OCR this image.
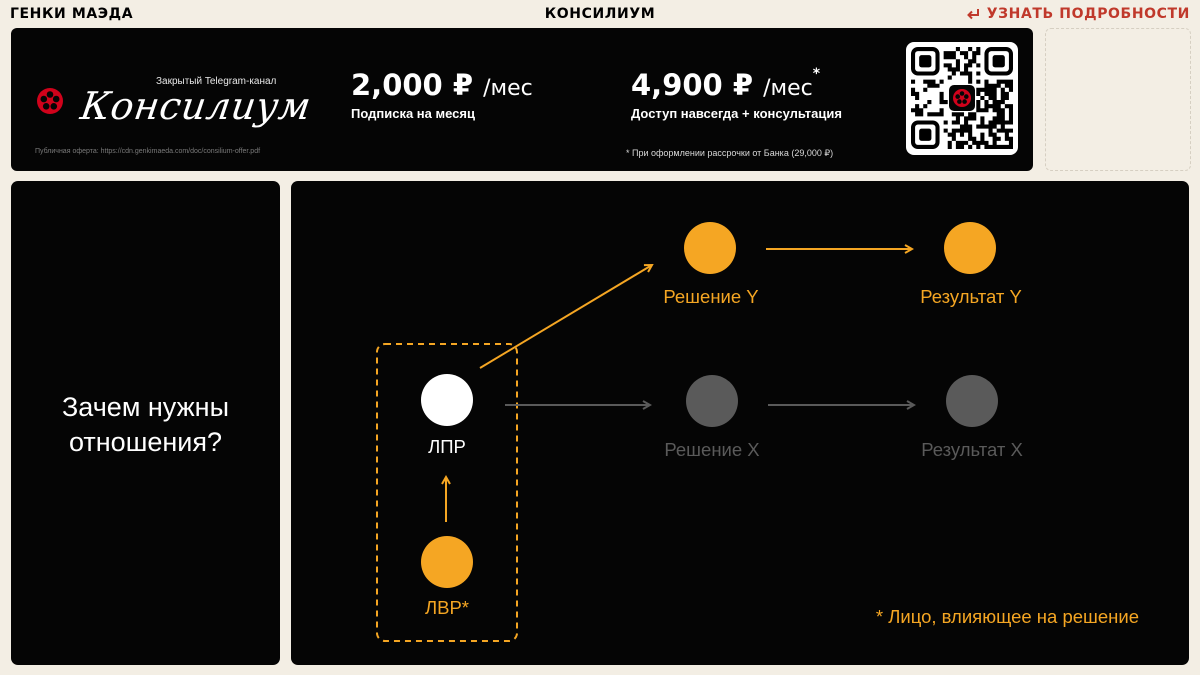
ГЕНКИ МАЭДА	КОНСИЛИУМ	УЗНАТЬ ПОДРОБНОСТИ
Закрытый Telegram-канал
Консилиум
Публичная оферта: https://cdn.genkimaeda.com/doc/consilium-offer.pdf
2,000 ₽ /мес
Подписка на месяц
4,900 ₽ /мес*
Доступ навсегда + консультация
* При оформлении рассрочки от Банка (29,000 ₽)
Зачем нужны
отношения?	ЛПР
ЛВР*
Решение Y	Результат Y
Решение X	Результат X
* Лицо, влияющее на решение
